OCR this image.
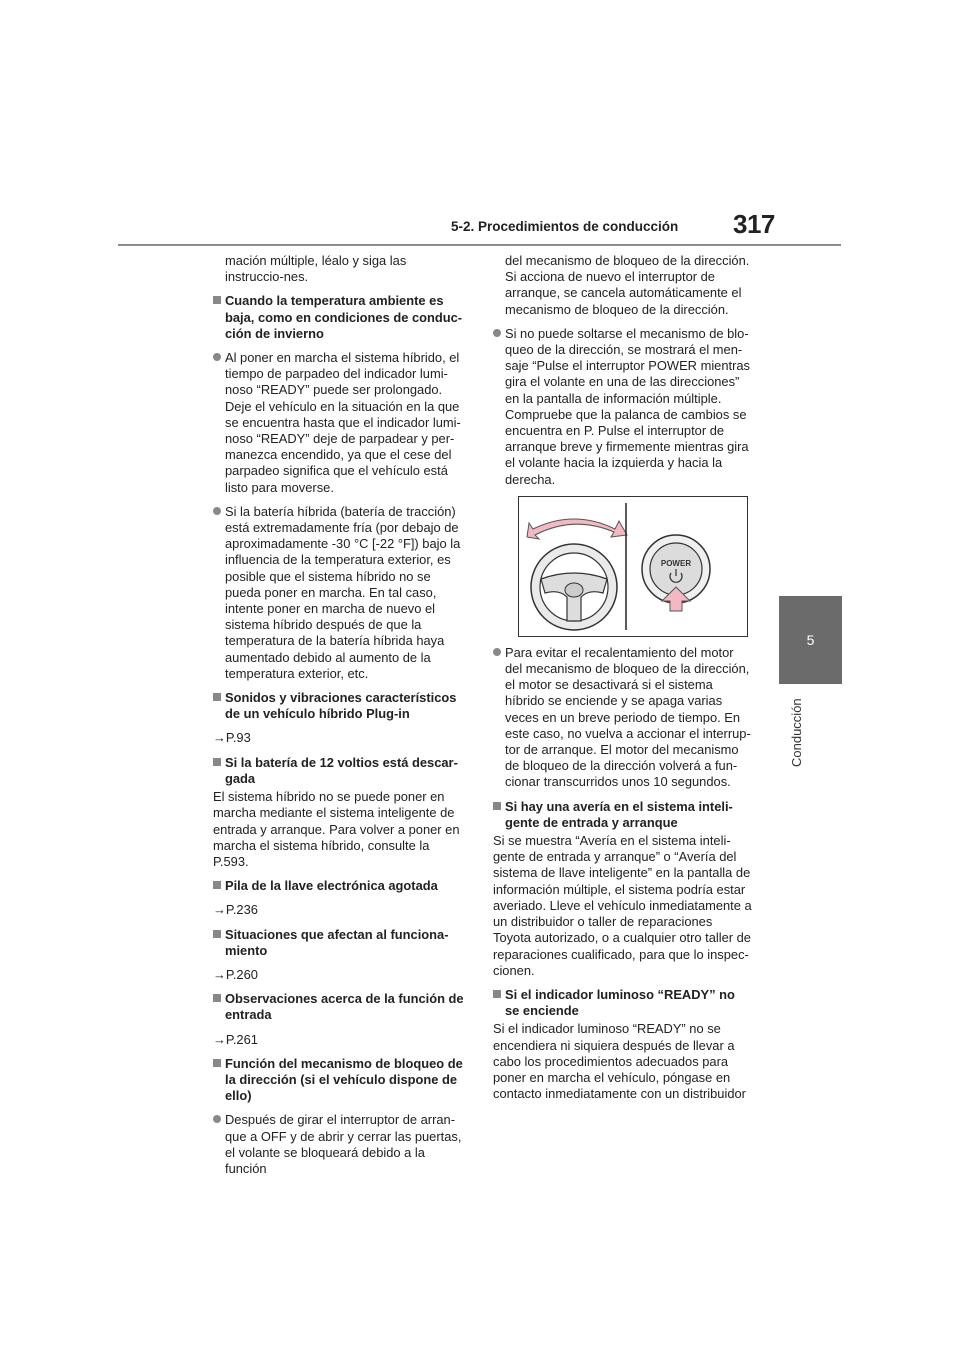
5-2. Procedimientos de conducción 317
5
Conducción

mación múltiple, léalo y siga las instruccio-nes.

Cuando la temperatura ambiente es baja, como en condiciones de conduc-ción de invierno
Al poner en marcha el sistema híbrido, el tiempo de parpadeo del indicador lumi-noso “READY” puede ser prolongado. Deje el vehículo en la situación en la que se encuentra hasta que el indicador lumi-noso “READY” deje de parpadear y per-manezca encendido, ya que el cese del parpadeo significa que el vehículo está listo para moverse.
Si la batería híbrida (batería de tracción) está extremadamente fría (por debajo de aproximadamente -30 °C [-22 °F]) bajo la influencia de la temperatura exterior, es posible que el sistema híbrido no se pueda poner en marcha. En tal caso, intente poner en marcha de nuevo el sistema híbrido después de que la temperatura de la batería híbrida haya aumentado debido al aumento de la temperatura exterior, etc.
Sonidos y vibraciones característicos de un vehículo híbrido Plug-in

→P.93

Si la batería de 12 voltios está descar-gada

El sistema híbrido no se puede poner en marcha mediante el sistema inteligente de entrada y arranque. Para volver a poner en marcha el sistema híbrido, consulte la P.593.

Pila de la llave electrónica agotada

→P.236

Situaciones que afectan al funciona-miento

→P.260

Observaciones acerca de la función de entrada

→P.261

Función del mecanismo de bloqueo de la dirección (si el vehículo dispone de ello)
Después de girar el interruptor de arran-que a OFF y de abrir y cerrar las puertas, el volante se bloqueará debido a la función

del mecanismo de bloqueo de la dirección. Si acciona de nuevo el interruptor de arranque, se cancela automáticamente el mecanismo de bloqueo de la dirección.

Si no puede soltarse el mecanismo de blo-queo de la dirección, se mostrará el men-saje “Pulse el interruptor POWER mientras gira el volante en una de las direcciones” en la pantalla de información múltiple. Compruebe que la palanca de cambios se encuentra en P. Pulse el interruptor de arranque breve y firmemente mientras gira el volante hacia la izquierda y hacia la derecha.
POWER
Para evitar el recalentamiento del motor del mecanismo de bloqueo de la dirección, el motor se desactivará si el sistema híbrido se enciende y se apaga varias veces en un breve periodo de tiempo. En este caso, no vuelva a accionar el interrup-tor de arranque. El motor del mecanismo de bloqueo de la dirección volverá a fun-cionar transcurridos unos 10 segundos.
Si hay una avería en el sistema inteli-gente de entrada y arranque

Si se muestra “Avería en el sistema inteli-gente de entrada y arranque” o “Avería del sistema de llave inteligente” en la pantalla de información múltiple, el sistema podría estar averiado. Lleve el vehículo inmediatamente a un distribuidor o taller de reparaciones Toyota autorizado, o a cualquier otro taller de reparaciones cualificado, para que lo inspec-cionen.

Si el indicador luminoso “READY” no se enciende

Si el indicador luminoso “READY” no se encendiera ni siquiera después de llevar a cabo los procedimientos adecuados para poner en marcha el vehículo, póngase en contacto inmediatamente con un distribuidor
